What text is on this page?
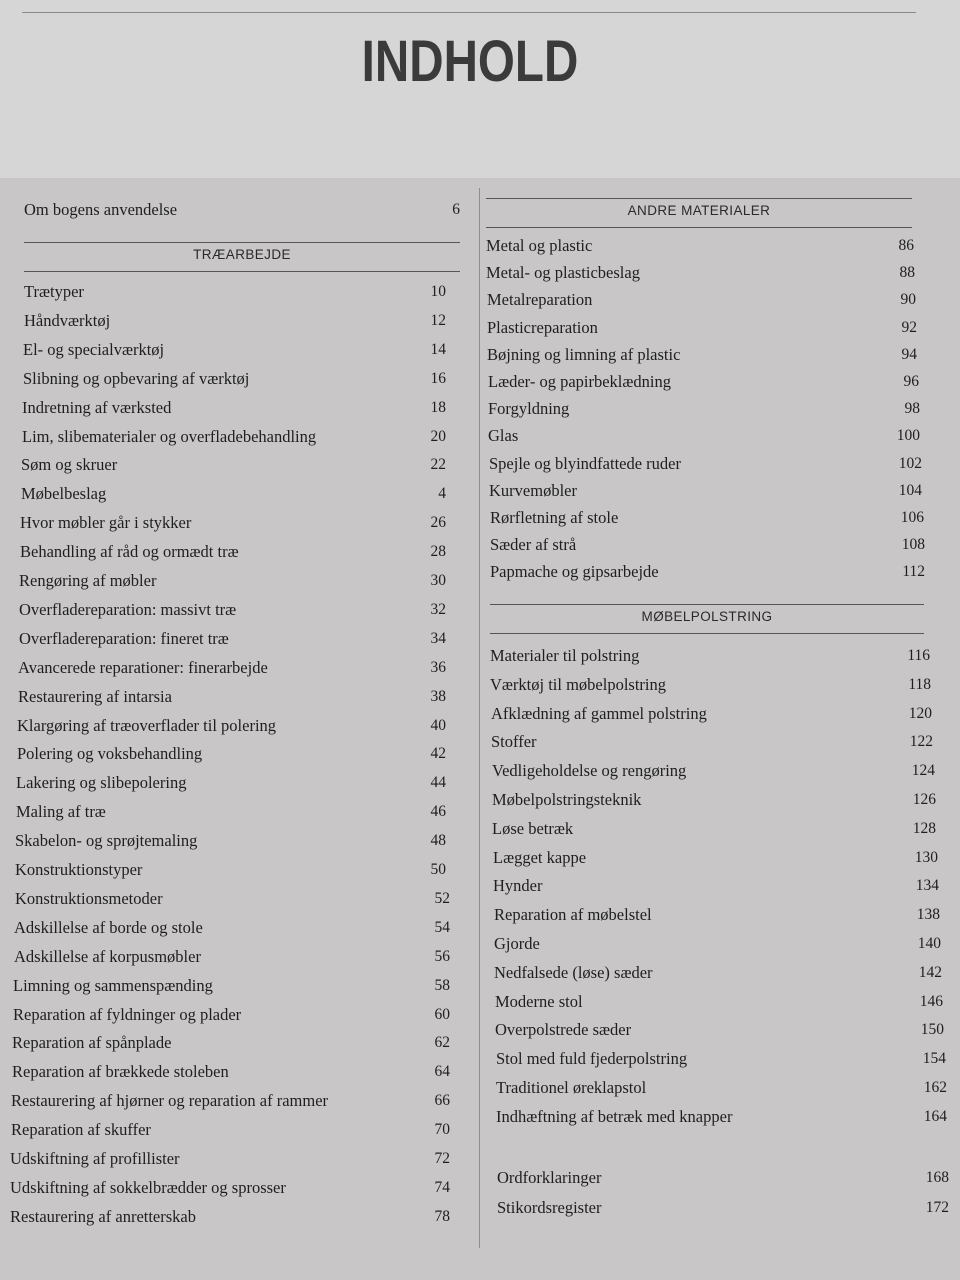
INDHOLD
Om bogens anvendelse	6
TRÆARBEJDE
Trætyper	10
Håndværktøj	12
El- og specialværktøj	14
Slibning og opbevaring af værktøj	16
Indretning af værksted	18
Lim, slibematerialer og overfladebehandling	20
Søm og skruer	22
Møbelbeslag	4
Hvor møbler går i stykker	26
Behandling af råd og ormædt træ	28
Rengøring af møbler	30
Overfladereparation: massivt træ	32
Overfladereparation: fineret træ	34
Avancerede reparationer: finerarbejde	36
Restaurering af intarsia	38
Klargøring af træoverflader til polering	40
Polering og voksbehandling	42
Lakering og slibepolering	44
Maling af træ	46
Skabelon- og sprøjtemaling	48
Konstruktionstyper	50
Konstruktionsmetoder	52
Adskillelse af borde og stole	54
Adskillelse af korpusmøbler	56
Limning og sammenspænding	58
Reparation af fyldninger og plader	60
Reparation af spånplade	62
Reparation af brækkede stoleben	64
Restaurering af hjørner og reparation af rammer	66
Reparation af skuffer	70
Udskiftning af profillister	72
Udskiftning af sokkelbrædder og sprosser	74
Restaurering af anretterskab	78
ANDRE MATERIALER
MØBELPOLSTRING
Metal og plastic	86
Metal- og plasticbeslag	88
Metalreparation	90
Plasticreparation	92
Bøjning og limning af plastic	94
Læder- og papirbeklædning	96
Forgyldning	98
Glas	100
Spejle og blyindfattede ruder	102
Kurvemøbler	104
Rørfletning af stole	106
Sæder af strå	108
Papmache og gipsarbejde	112
Materialer til polstring	116
Værktøj til møbelpolstring	118
Afklædning af gammel polstring	120
Stoffer	122
Vedligeholdelse og rengøring	124
Møbelpolstringsteknik	126
Løse betræk	128
Lægget kappe	130
Hynder	134
Reparation af møbelstel	138
Gjorde	140
Nedfalsede (løse) sæder	142
Moderne stol	146
Overpolstrede sæder	150
Stol med fuld fjederpolstring	154
Traditionel øreklapstol	162
Indhæftning af betræk med knapper	164
Ordforklaringer	168
Stikordsregister	172
